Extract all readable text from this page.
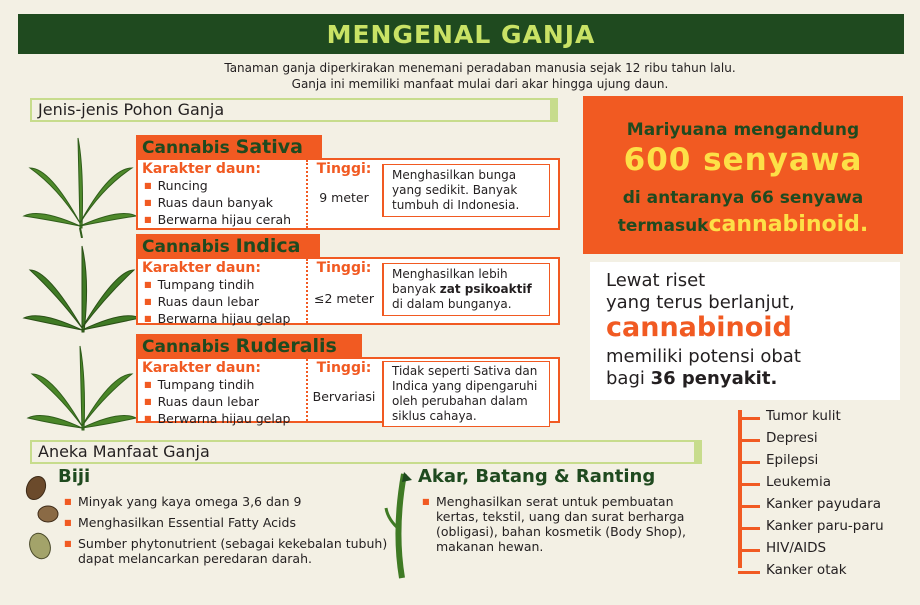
MENGENAL GANJA
Tanaman ganja diperkirakan menemani peradaban manusia sejak 12 ribu tahun lalu.
Ganja ini memiliki manfaat mulai dari akar hingga ujung daun.
Jenis-jenis Pohon Ganja
Cannabis Sativa
Karakter daun:
■ Runcing
■ Ruas daun banyak
■ Berwarna hijau cerah
Tinggi:
9 meter
Menghasilkan bunga yang sedikit. Banyak tumbuh di Indonesia.
Cannabis Indica
Karakter daun:
■ Tumpang tindih
■ Ruas daun lebar
■ Berwarna hijau gelap
Tinggi:
≤2 meter
Menghasilkan lebih banyak zat psikoaktif di dalam bunganya.
Cannabis Ruderalis
Karakter daun:
■ Tumpang tindih
■ Ruas daun lebar
■ Berwarna hijau gelap
Tinggi:
Bervariasi
Tidak seperti Sativa dan Indica yang dipengaruhi oleh perubahan dalam siklus cahaya.
Mariyuana mengandung
600 senyawa
di antaranya 66 senyawa
termasukcannabinoid.
Lewat riset
yang terus berlanjut,
cannabinoid
memiliki potensi obat
bagi 36 penyakit.
Tumor kulit
Depresi
Epilepsi
Leukemia
Kanker payudara
Kanker paru-paru
HIV/AIDS
Kanker otak
Aneka Manfaat Ganja
Biji
■ Minyak yang kaya omega 3,6 dan 9
■ Menghasilkan Essential Fatty Acids
■ Sumber phytonutrient (sebagai kekebalan tubuh) dapat melancarkan peredaran darah.
Akar, Batang & Ranting
■ Menghasilkan serat untuk pembuatan kertas, tekstil, uang dan surat berharga (obligasi), bahan kosmetik (Body Shop), makanan hewan.
